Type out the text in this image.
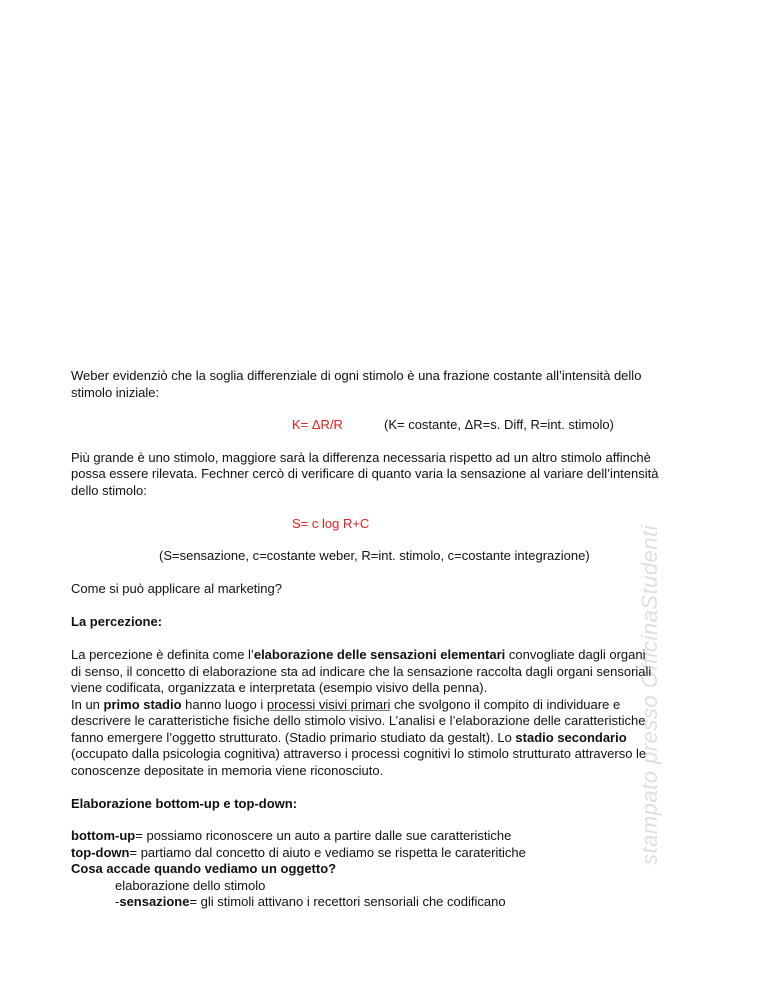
stampato presso OfficinaStudenti
Weber evidenziò che la soglia differenziale di ogni stimolo è una frazione costante all’intensità dello
stimolo iniziale:
K= ΔR/R	(K= costante, ΔR=s. Diff, R=int. stimolo)
Più grande è uno stimolo, maggiore sarà la differenza necessaria rispetto ad un altro stimolo affinchè
possa essere rilevata. Fechner cercò di verificare di quanto varia la sensazione al variare dell’intensità
dello stimolo:
S= c log R+C
(S=sensazione, c=costante weber, R=int. stimolo, c=costante integrazione)
Come si può applicare al marketing?
La percezione:
La percezione è definita come l’elaborazione delle sensazioni elementari convogliate dagli organi
di senso, il concetto di elaborazione sta ad indicare che la sensazione raccolta dagli organi sensoriali
viene codificata, organizzata e interpretata (esempio visivo della penna).
In un primo stadio hanno luogo i processi visivi primari che svolgono il compito di individuare e
descrivere le caratteristiche fisiche dello stimolo visivo. L’analisi e l’elaborazione delle caratteristiche
fanno emergere l’oggetto strutturato. (Stadio primario studiato da gestalt). Lo stadio secondario
(occupato dalla psicologia cognitiva) attraverso i processi cognitivi lo stimolo strutturato attraverso le
conoscenze depositate in memoria viene riconosciuto.
Elaborazione bottom-up e top-down:
bottom-up= possiamo riconoscere un auto a partire dalle sue caratteristiche
top-down= partiamo dal concetto di aiuto e vediamo se rispetta le carateritiche
Cosa accade quando vediamo un oggetto?
elaborazione dello stimolo
-sensazione= gli stimoli attivano i recettori sensoriali che codificano
